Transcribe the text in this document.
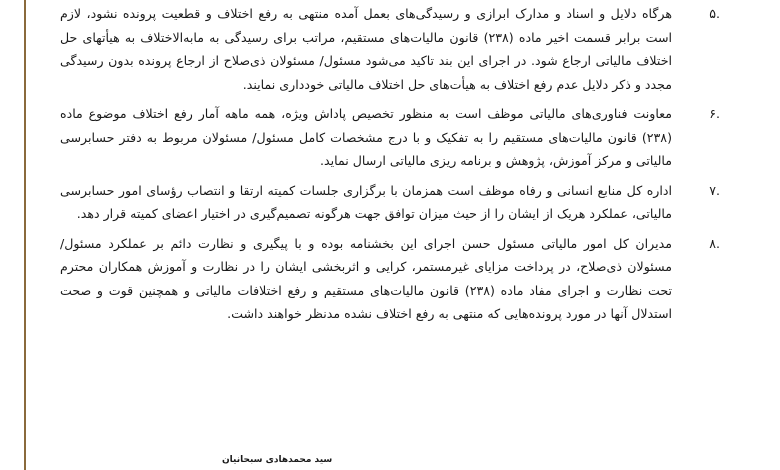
۵.
هرگاه دلایل و اسناد و مدارک ابرازی و رسیدگی‌های بعمل آمده منتهی به رفع اختلاف و قطعیت پرونده نشود، لازم است برابر قسمت اخیر ماده (۲۳۸) قانون مالیات‌های مستقیم، مراتب برای رسیدگی به مابه‌الاختلاف به هیأتهای حل اختلاف مالیاتی ارجاع شود. در اجرای این بند تاکید می‌شود مسئول/ مسئولان ذی‌صلاح از ارجاع پرونده بدون رسیدگی مجدد و ذکر دلایل عدم رفع اختلاف به هیأت‌های حل اختلاف مالیاتی خودداری نمایند.
۶.
معاونت فناوری‌های مالیاتی موظف است به منظور تخصیص پاداش ویژه، همه ماهه آمار رفع اختلاف موضوع ماده (۲۳۸) قانون مالیات‌های مستقیم را به تفکیک و با درج مشخصات کامل مسئول/ مسئولان مربوط به دفتر حسابرسی مالیاتی و مرکز آموزش، پژوهش و برنامه ریزی مالیاتی ارسال نماید.
۷.
اداره کل منابع انسانی و رفاه موظف است همزمان با برگزاری جلسات کمیته ارتقا و انتصاب رؤسای امور حسابرسی مالیاتی، عملکرد هریک از ایشان را از حیث میزان توافق جهت هرگونه تصمیم‌گیری در اختیار اعضای کمیته قرار دهد.
۸.
مدیران کل امور مالیاتی مسئول حسن اجرای این بخشنامه بوده و با پیگیری و نظارت دائم بر عملکرد مسئول/ مسئولان ذی‌صلاح، در پرداخت مزایای غیرمستمر، کرایی و اثربخشی ایشان را در نظارت و آموزش همکاران محترم تحت نظارت و اجرای مفاد ماده (۲۳۸) قانون مالیات‌های مستقیم و رفع اختلافات مالیاتی و همچنین قوت و صحت استدلال آنها در مورد پرونده‌هایی که منتهی به رفع اختلاف نشده مدنظر خواهند داشت.
سید محمدهادی سبحانیان
